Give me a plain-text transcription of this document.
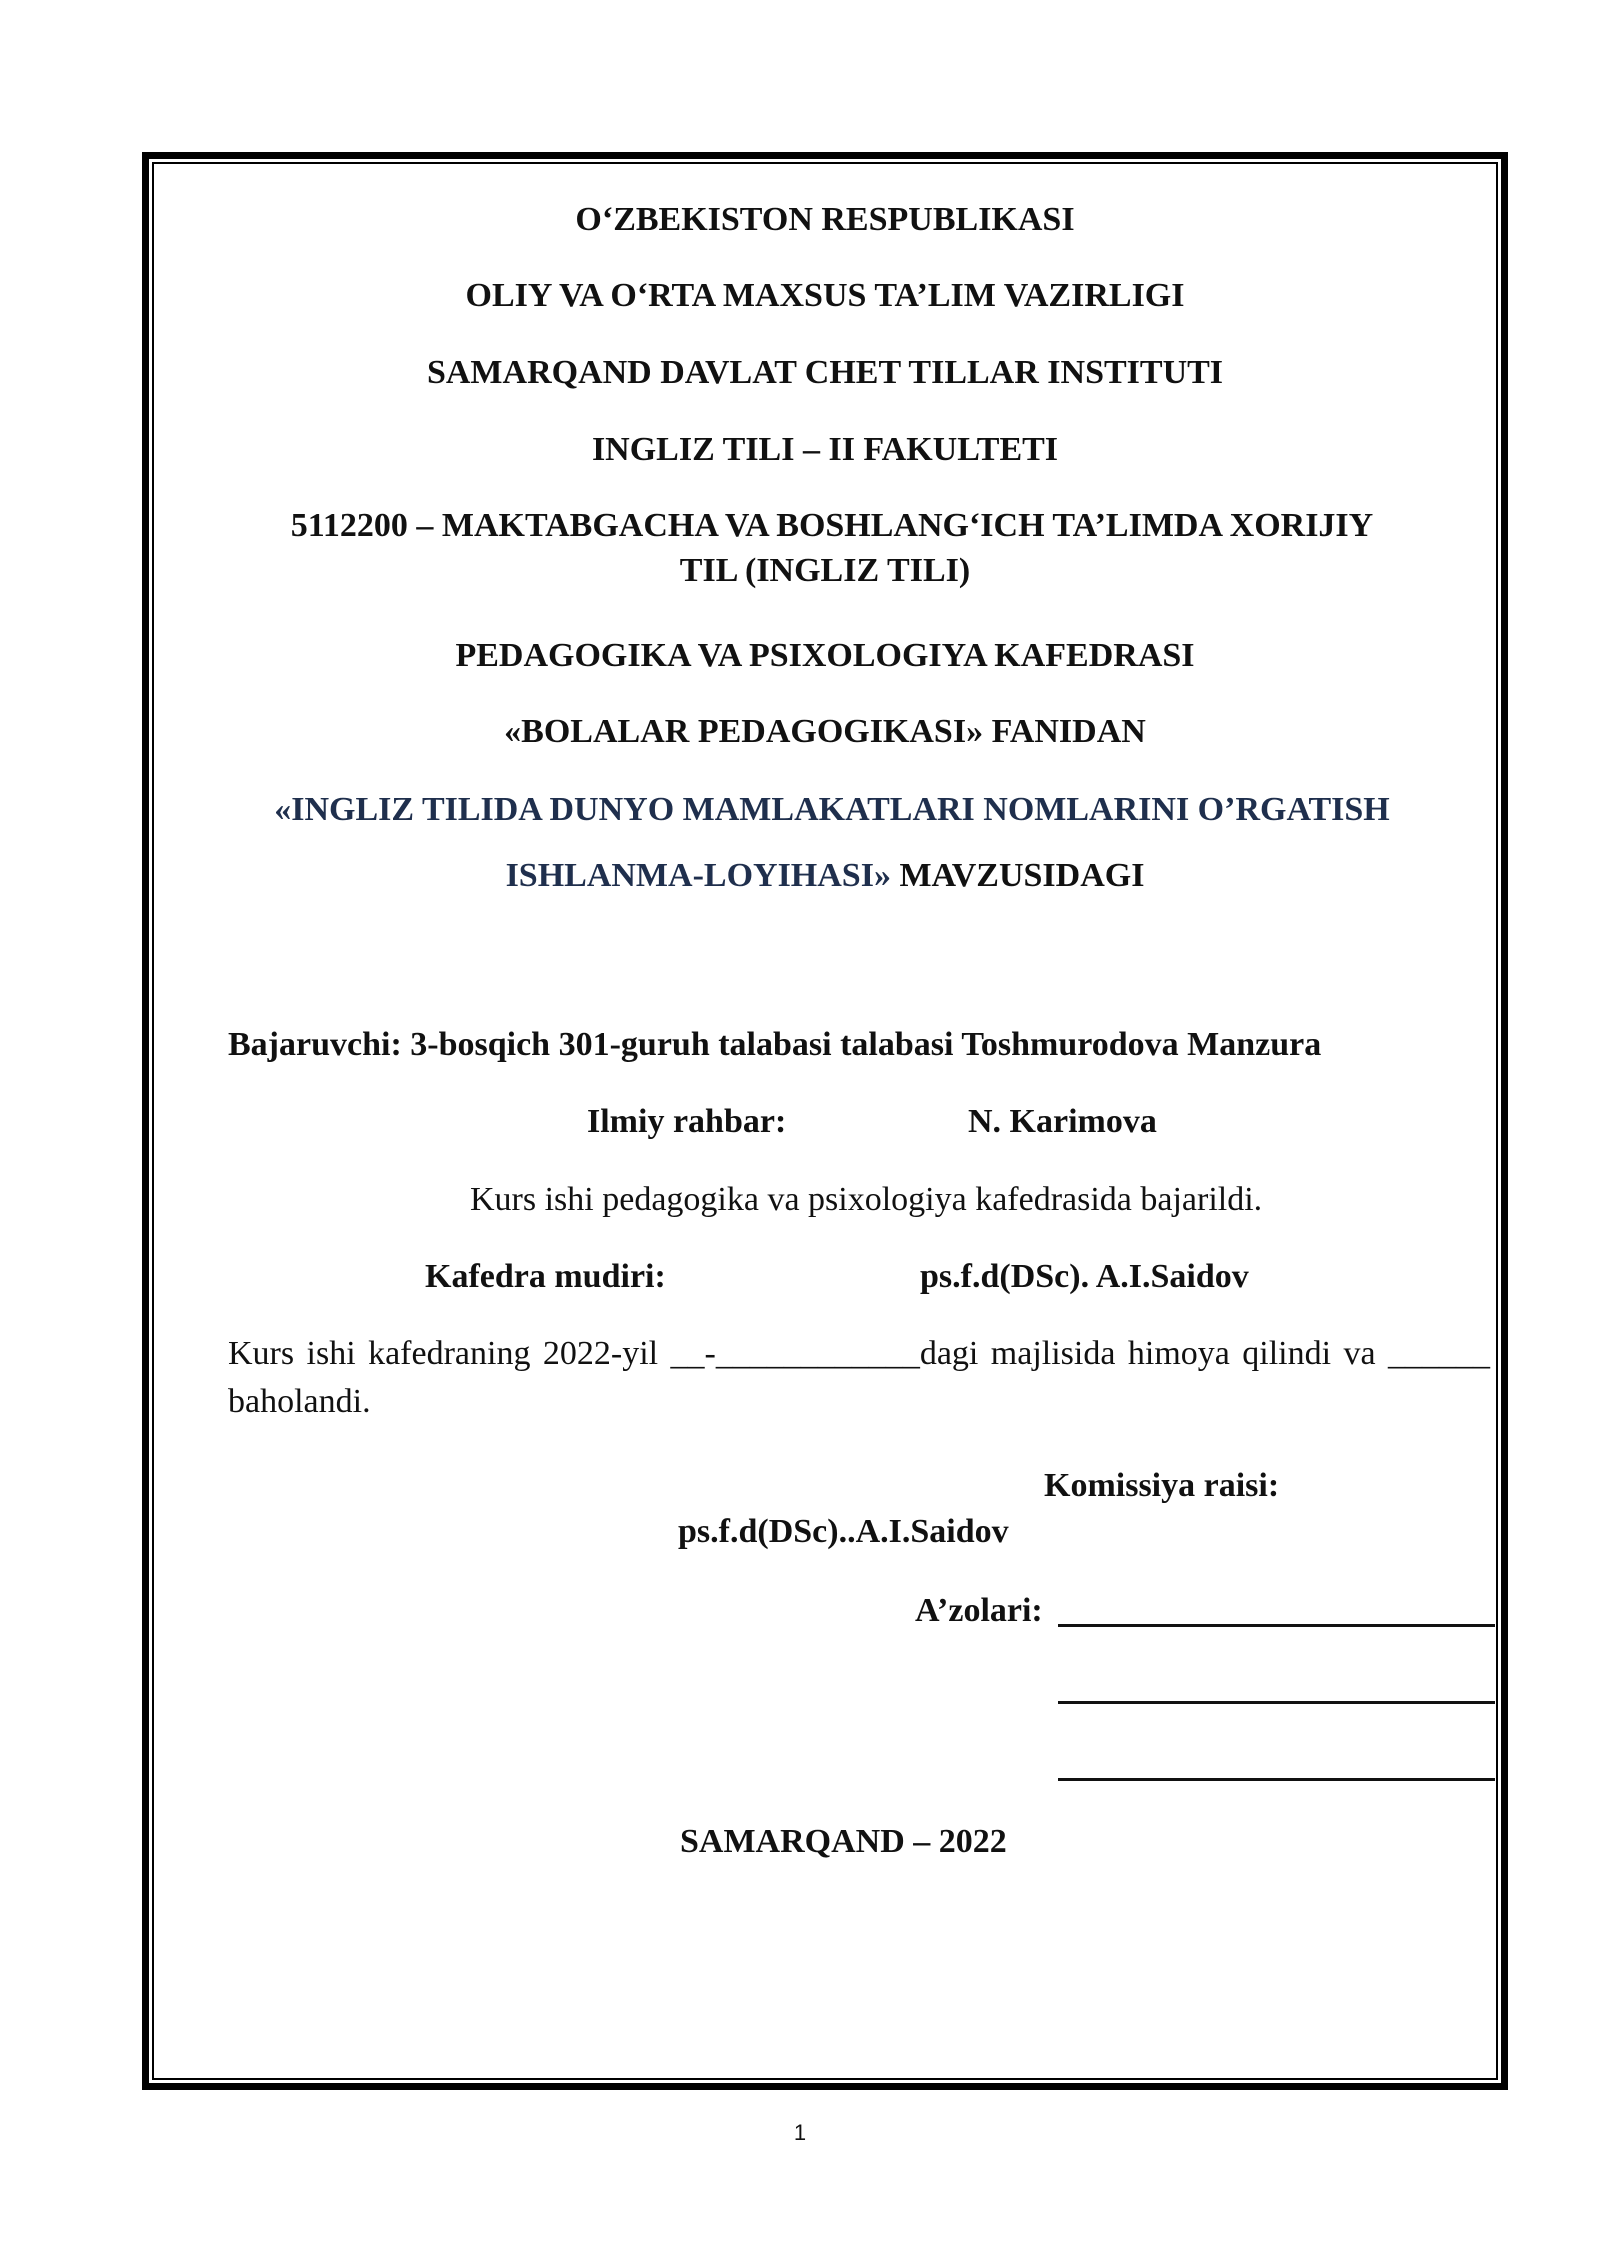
O‘ZBEKISTON RESPUBLIKASI
OLIY VA O‘RTA MAXSUS TA’LIM VAZIRLIGI
SAMARQAND DAVLAT CHET TILLAR INSTITUTI
INGLIZ TILI – II FAKULTETI
5112200 – MAKTABGACHA VA BOSHLANG‘ICH TA’LIMDA XORIJIY
TIL (INGLIZ TILI)
PEDAGOGIKA VA PSIXOLOGIYA KAFEDRASI
«BOLALAR PEDAGOGIKASI» FANIDAN
«INGLIZ TILIDA DUNYO MAMLAKATLARI NOMLARINI O’RGATISH
ISHLANMA-LOYIHASI» MAVZUSIDAGI
Bajaruvchi: 3-bosqich 301-guruh talabasi talabasi Toshmurodova Manzura
Ilmiy rahbar:	N. Karimova
Kurs ishi pedagogika va psixologiya kafedrasida bajarildi.
Kafedra mudiri:	ps.f.d(DSc). A.I.Saidov
Kurs ishi kafedraning 2022-yil __-____________dagi majlisida himoya qilindi va ______ baholandi.
Komissiya raisi:
ps.f.d(DSc)..A.I.Saidov
A’zolari:
SAMARQAND – 2022
1
